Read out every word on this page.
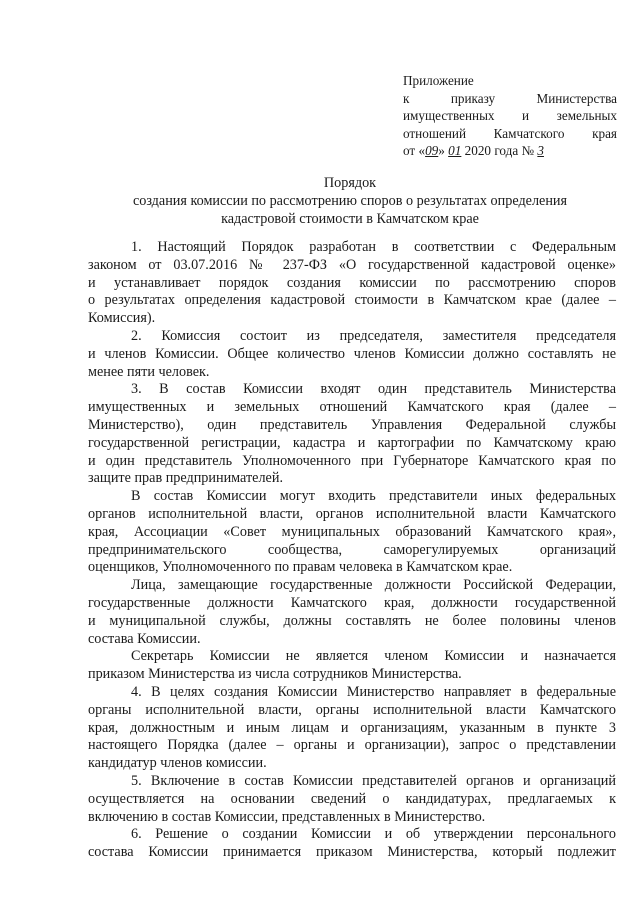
Приложение
к приказу Министерства
имущественных и земельных
отношений Камчатского края
от «09» 01 2020 года № 3
Порядок
создания комиссии по рассмотрению споров о результатах определения
кадастровой стоимости в Камчатском крае
1. Настоящий Порядок разработан в соответствии с Федеральным
законом от 03.07.2016 № 237-ФЗ «О государственной кадастровой оценке»
и устанавливает порядок создания комиссии по рассмотрению споров
о результатах определения кадастровой стоимости в Камчатском крае (далее –
Комиссия).
2. Комиссия состоит из председателя, заместителя председателя
и членов Комиссии. Общее количество членов Комиссии должно составлять не
менее пяти человек.
3. В состав Комиссии входят один представитель Министерства
имущественных и земельных отношений Камчатского края (далее –
Министерство), один представитель Управления Федеральной службы
государственной регистрации, кадастра и картографии по Камчатскому краю
и один представитель Уполномоченного при Губернаторе Камчатского края по
защите прав предпринимателей.
В состав Комиссии могут входить представители иных федеральных
органов исполнительной власти, органов исполнительной власти Камчатского
края, Ассоциации «Совет муниципальных образований Камчатского края»,
предпринимательского сообщества, саморегулируемых организаций
оценщиков, Уполномоченного по правам человека в Камчатском крае.
Лица, замещающие государственные должности Российской Федерации,
государственные должности Камчатского края, должности государственной
и муниципальной службы, должны составлять не более половины членов
состава Комиссии.
Секретарь Комиссии не является членом Комиссии и назначается
приказом Министерства из числа сотрудников Министерства.
4. В целях создания Комиссии Министерство направляет в федеральные
органы исполнительной власти, органы исполнительной власти Камчатского
края, должностным и иным лицам и организациям, указанным в пункте 3
настоящего Порядка (далее – органы и организации), запрос о представлении
кандидатур членов комиссии.
5. Включение в состав Комиссии представителей органов и организаций
осуществляется на основании сведений о кандидатурах, предлагаемых к
включению в состав Комиссии, представленных в Министерство.
6. Решение о создании Комиссии и об утверждении персонального
состава Комиссии принимается приказом Министерства, который подлежит
